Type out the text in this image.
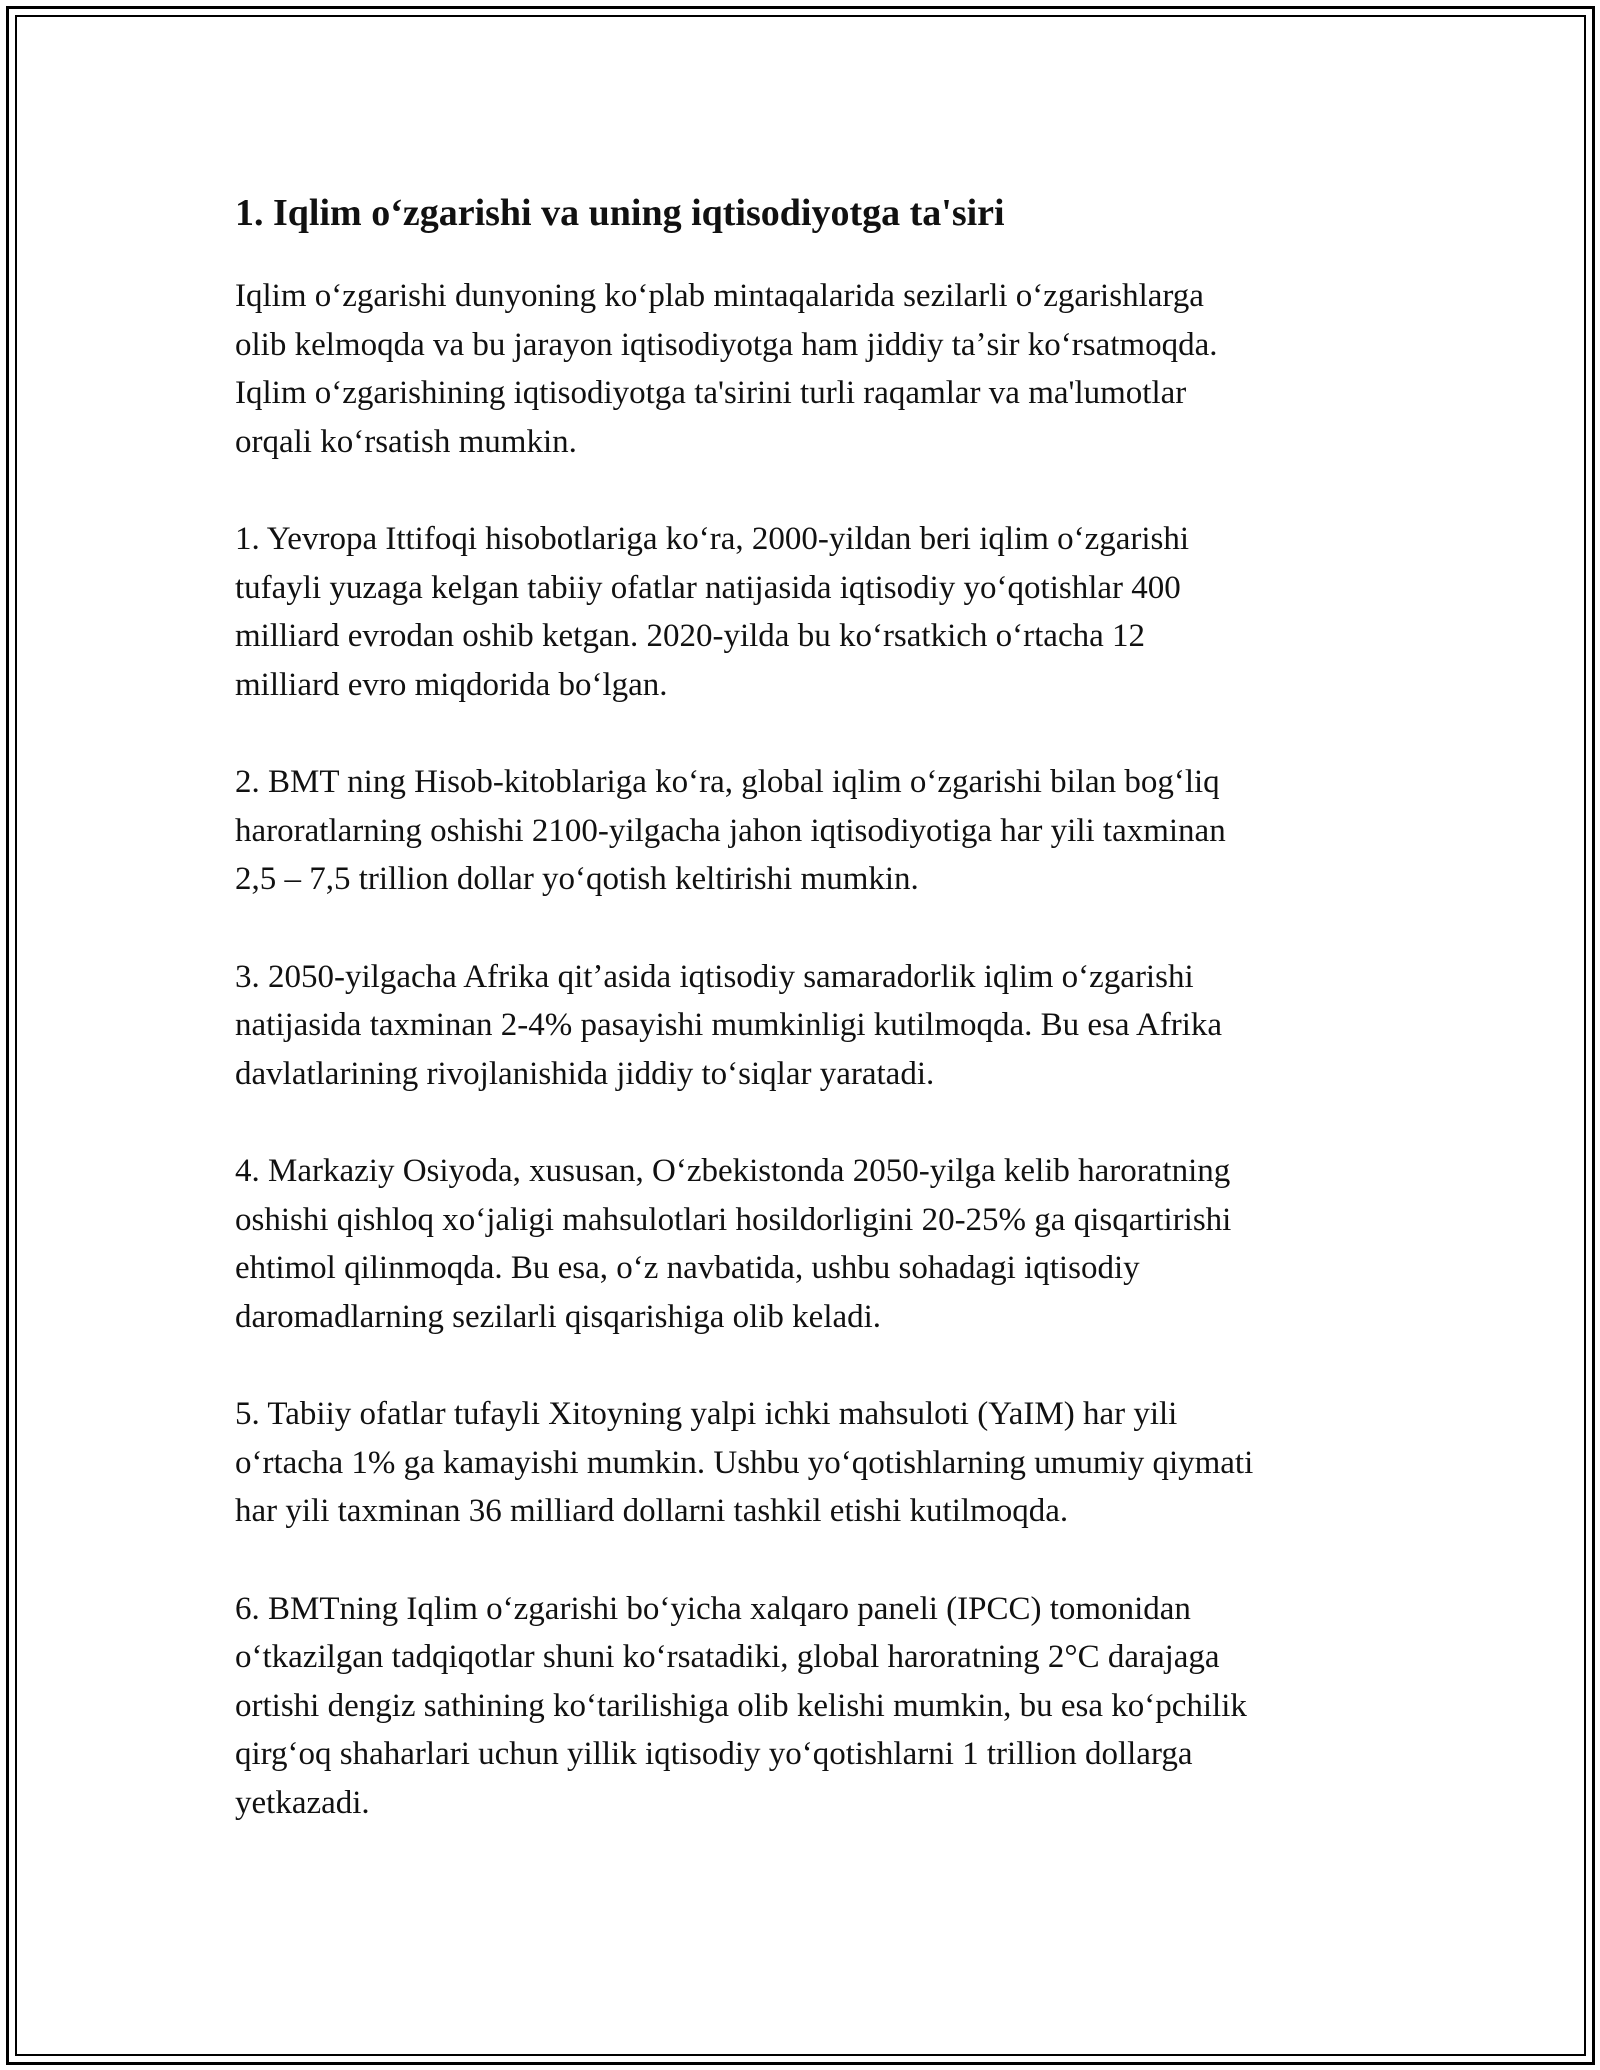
1. Iqlim oʻzgarishi va uning iqtisodiyotga ta'siri

Iqlim oʻzgarishi dunyoning koʻplab mintaqalarida sezilarli oʻzgarishlarga
olib kelmoqda va bu jarayon iqtisodiyotga ham jiddiy taʼsir koʻrsatmoqda.
Iqlim oʻzgarishining iqtisodiyotga ta'sirini turli raqamlar va ma'lumotlar
orqali koʻrsatish mumkin.

1. Yevropa Ittifoqi hisobotlariga koʻra, 2000-yildan beri iqlim oʻzgarishi
tufayli yuzaga kelgan tabiiy ofatlar natijasida iqtisodiy yoʻqotishlar 400
milliard evrodan oshib ketgan. 2020-yilda bu koʻrsatkich oʻrtacha 12
milliard evro miqdorida boʻlgan.

2. BMT ning Hisob-kitoblariga koʻra, global iqlim oʻzgarishi bilan bogʻliq
haroratlarning oshishi 2100-yilgacha jahon iqtisodiyotiga har yili taxminan
2,5 – 7,5 trillion dollar yoʻqotish keltirishi mumkin.

3. 2050-yilgacha Afrika qitʼasida iqtisodiy samaradorlik iqlim oʻzgarishi
natijasida taxminan 2-4% pasayishi mumkinligi kutilmoqda. Bu esa Afrika
davlatlarining rivojlanishida jiddiy toʻsiqlar yaratadi.

4. Markaziy Osiyoda, xususan, Oʻzbekistonda 2050-yilga kelib haroratning
oshishi qishloq xoʻjaligi mahsulotlari hosildorligini 20-25% ga qisqartirishi
ehtimol qilinmoqda. Bu esa, oʻz navbatida, ushbu sohadagi iqtisodiy
daromadlarning sezilarli qisqarishiga olib keladi.

5. Tabiiy ofatlar tufayli Xitoyning yalpi ichki mahsuloti (YaIM) har yili
oʻrtacha 1% ga kamayishi mumkin. Ushbu yoʻqotishlarning umumiy qiymati
har yili taxminan 36 milliard dollarni tashkil etishi kutilmoqda.

6. BMTning Iqlim oʻzgarishi boʻyicha xalqaro paneli (IPCC) tomonidan
oʻtkazilgan tadqiqotlar shuni koʻrsatadiki, global haroratning 2°C darajaga
ortishi dengiz sathining koʻtarilishiga olib kelishi mumkin, bu esa koʻpchilik
qirgʻoq shaharlari uchun yillik iqtisodiy yoʻqotishlarni 1 trillion dollarga
yetkazadi.
